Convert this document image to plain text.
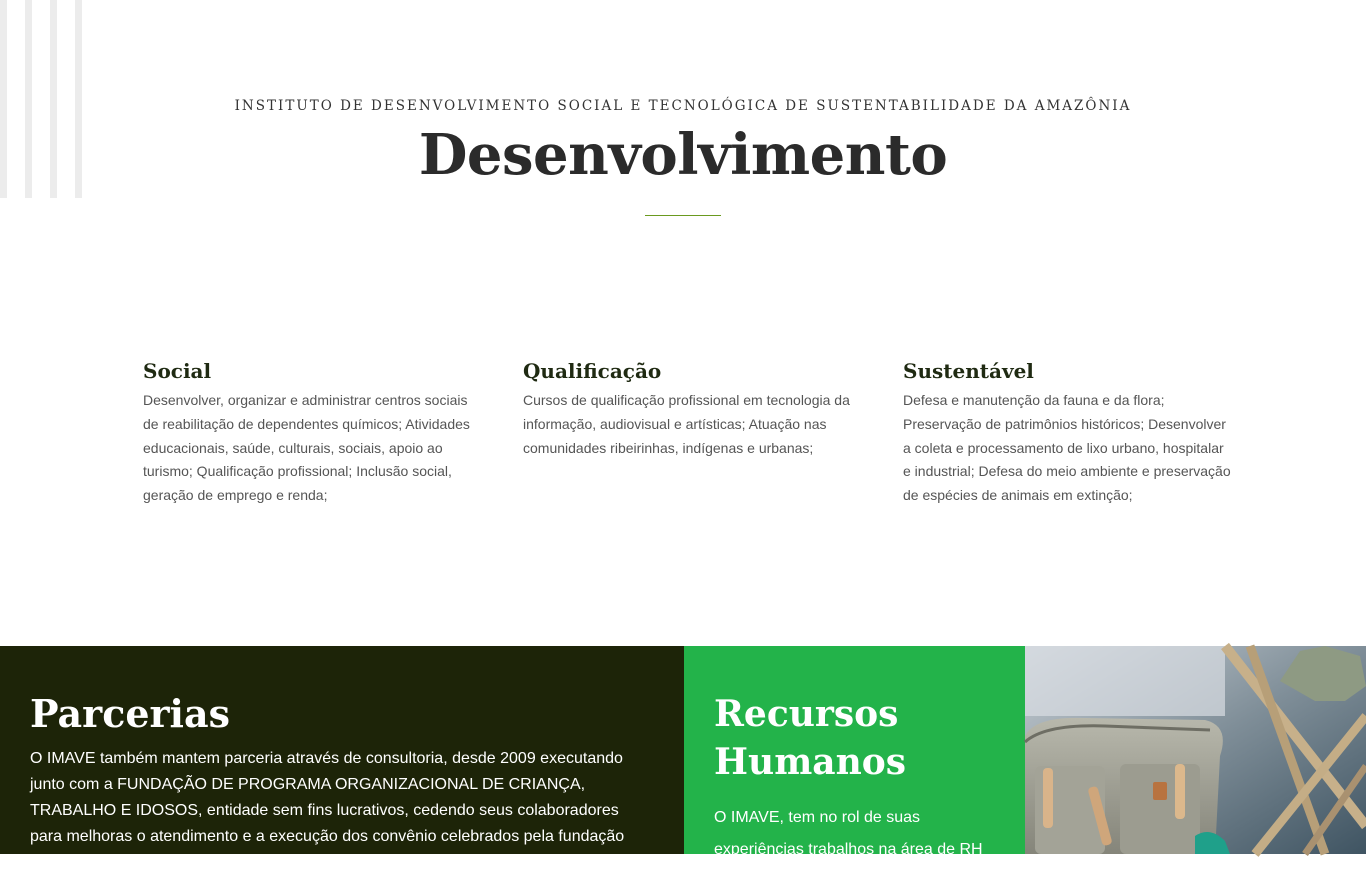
INSTITUTO DE DESENVOLVIMENTO SOCIAL E TECNOLÓGICA DE SUSTENTABILIDADE DA AMAZÔNIA
Desenvolvimento
Social

Desenvolver, organizar e administrar centros sociais de reabilitação de dependentes químicos; Atividades educacionais, saúde, culturais, sociais, apoio ao turismo; Qualificação profissional; Inclusão social, geração de emprego e renda;

Qualificação

Cursos de qualificação profissional em tecnologia da informação, audiovisual e artísticas; Atuação nas comunidades ribeirinhas, indígenas e urbanas;

Sustentável

Defesa e manutenção da fauna e da flora; Preservação de patrimônios históricos; Desenvolver a coleta e processamento de lixo urbano, hospitalar e industrial; Defesa do meio ambiente e preservação de espécies de animais em extinção;

Parcerias

O IMAVE também mantem parceria através de consultoria, desde 2009 executando junto com a FUNDAÇÃO DE PROGRAMA ORGANIZACIONAL DE CRIANÇA, TRABALHO E IDOSOS, entidade sem fins lucrativos, cedendo seus colaboradores para melhoras o atendimento e a execução dos convênio celebrados pela fundação citada a cima,

Recursos Humanos

O IMAVE, tem no rol de suas experiências trabalhos na área de RH
